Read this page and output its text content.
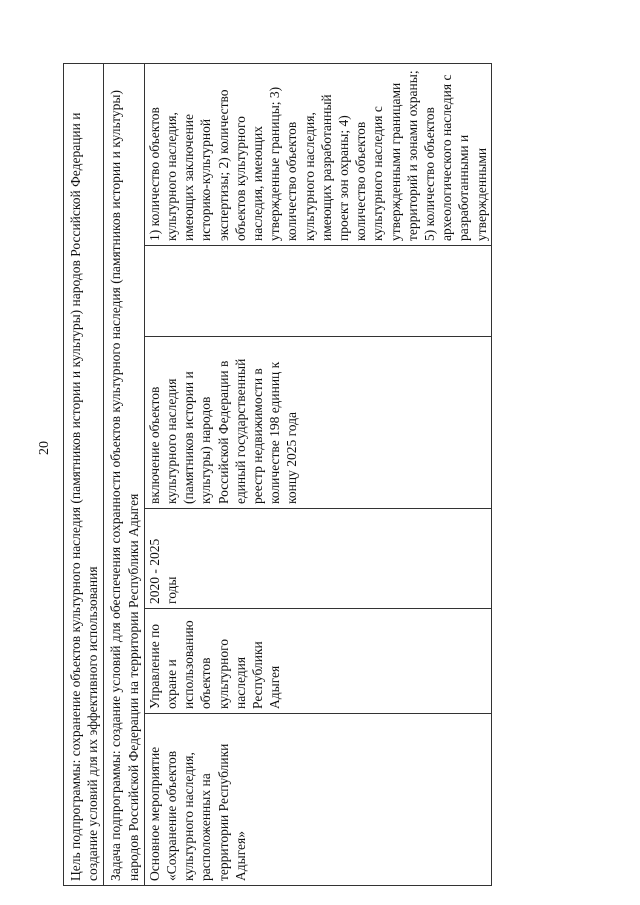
20 Цель подпрограммы: сохранение объектов культурного наследия (памятников истории и культуры) народов Российской Федерации и создание условий для их эффективного использования
Задача подпрограммы: создание условий для обеспечения сохранности объектов культурного наследия (памятников истории и культуры) народов Российской Федерации на территории Республики Адыгея
Основное мероприятие «Сохранение объектов культурного наследия, расположенных на территории Республики Адыгея»	Управление по охране и использованию объектов культурного наследия Республики Адыгея	2020 - 2025 годы	включение объектов культурного наследия (памятников истории и культуры) народов Российской Федерации в единый государственный реестр недвижимости в количестве 198 единиц к концу 2025 года		1) количество объектов культурного наследия, имеющих заключение историко-культурной экспертизы; 2) количество объектов культурного наследия, имеющих утвержденные границы; 3) количество объектов культурного наследия, имеющих разработанный проект зон охраны; 4) количество объектов культурного наследия с утвержденными границами территорий и зонами охраны; 5) количество объектов археологического наследия с разработанными и утвержденными
